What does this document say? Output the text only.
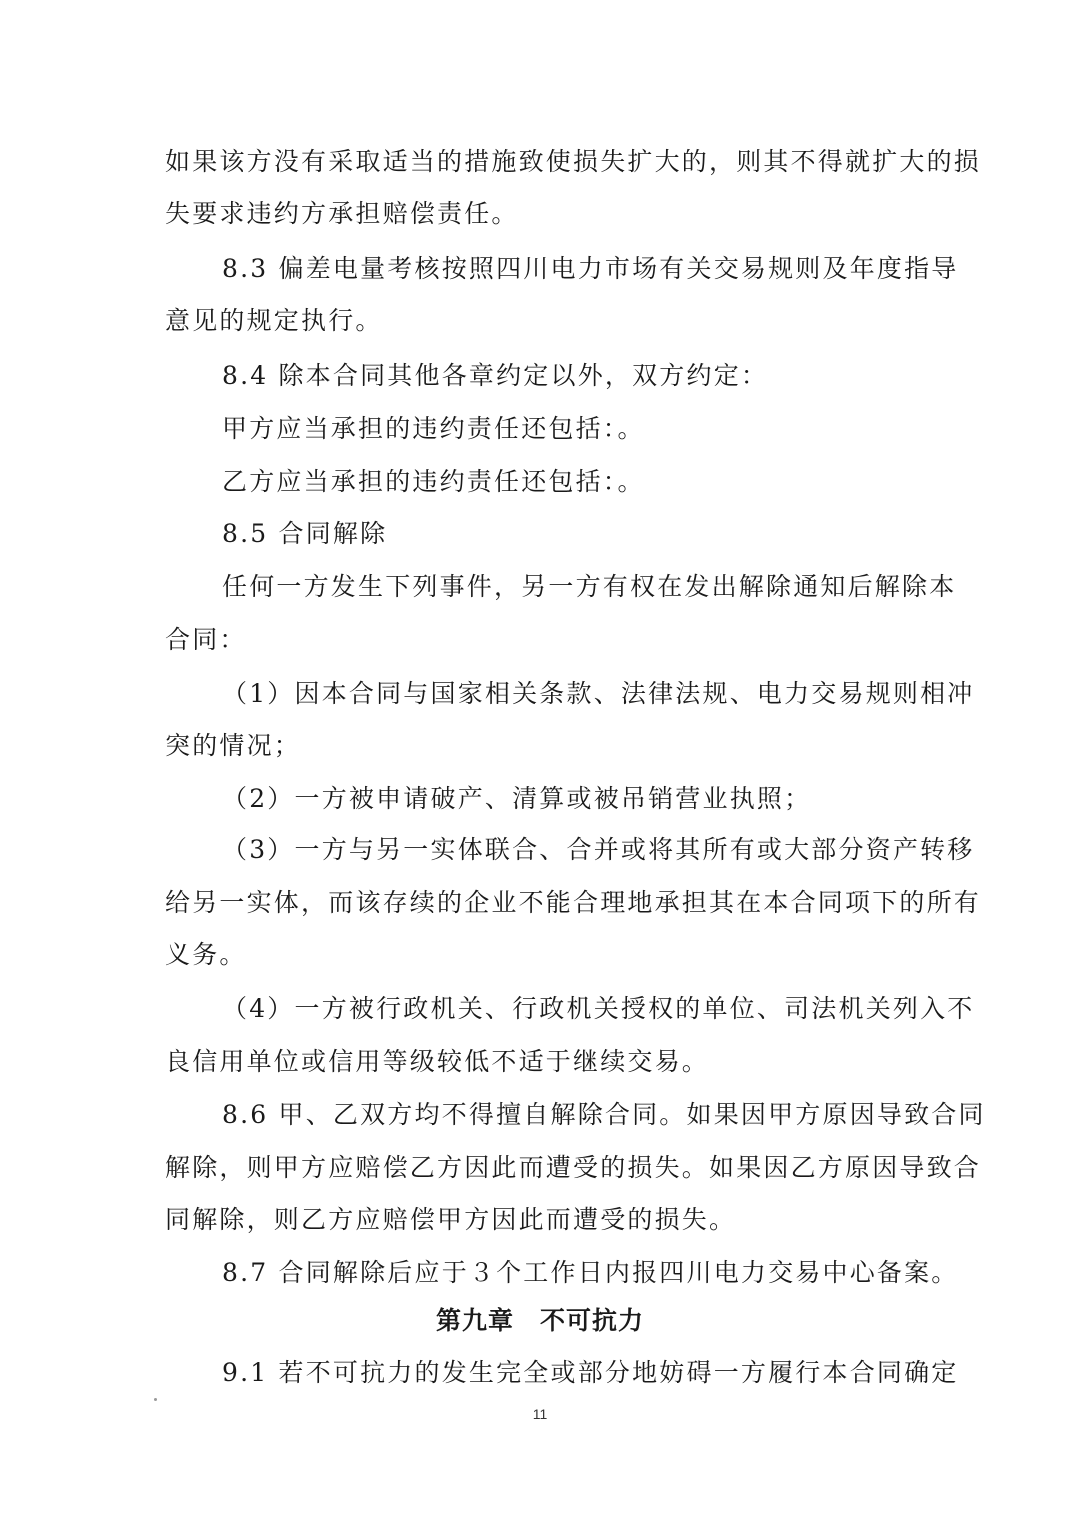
如果该方没有采取适当的措施致使损失扩大的，则其不得就扩大的损
失要求违约方承担赔偿责任。
8.3 偏差电量考核按照四川电力市场有关交易规则及年度指导
意见的规定执行。
8.4 除本合同其他各章约定以外，双方约定：
甲方应当承担的违约责任还包括：。
乙方应当承担的违约责任还包括：。
8.5 合同解除
任何一方发生下列事件，另一方有权在发出解除通知后解除本
合同：
（1）因本合同与国家相关条款、法律法规、电力交易规则相冲
突的情况；
（2）一方被申请破产、清算或被吊销营业执照；
（3）一方与另一实体联合、合并或将其所有或大部分资产转移
给另一实体，而该存续的企业不能合理地承担其在本合同项下的所有
义务。
（4）一方被行政机关、行政机关授权的单位、司法机关列入不
良信用单位或信用等级较低不适于继续交易。
8.6 甲、乙双方均不得擅自解除合同。如果因甲方原因导致合同
解除，则甲方应赔偿乙方因此而遭受的损失。如果因乙方原因导致合
同解除，则乙方应赔偿甲方因此而遭受的损失。
8.7 合同解除后应于３个工作日内报四川电力交易中心备案。
第九章　不可抗力
9.1 若不可抗力的发生完全或部分地妨碍一方履行本合同确定
11
